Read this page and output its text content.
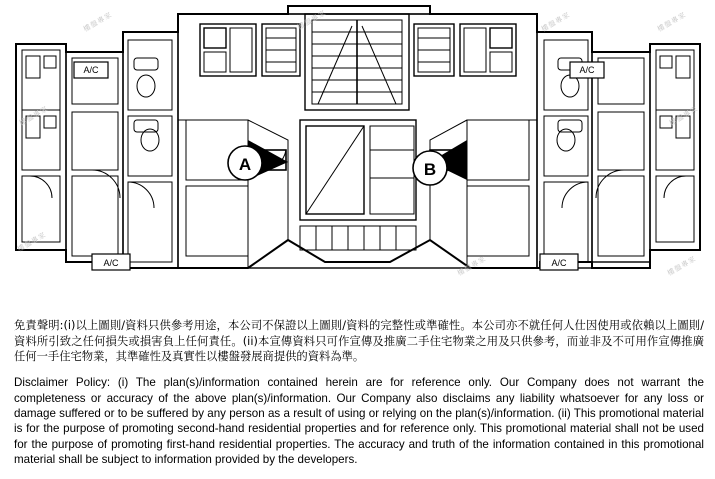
A/C	A/C
A/C	A/C
A	B
樓盤專家	樓盤專家	樓盤專家	樓盤專家
樓盤專家	樓盤專家
樓盤專家
樓盤專家	樓盤專家

免責聲明:(i)以上圖則/資料只供參考用途，本公司不保證以上圖則/資料的完整性或準確性。本公司亦不就任何人仕因使用或依賴以上圖則/資料所引致之任何損失或損害負上任何責任。(ii)本宣傳資料只可作宣傳及推廣二手住宅物業之用及只供參考，而並非及不可用作宣傳推廣任何一手住宅物業，其準確性及真實性以樓盤發展商提供的資料為準。

Disclaimer Policy: (i) The plan(s)/information contained herein are for reference only. Our Company does not warrant the completeness or accuracy of the above plan(s)/information. Our Company also disclaims any liability whatsoever for any loss or damage suffered or to be suffered by any person as a result of using or relying on the plan(s)/information. (ii) This promotional material is for the purpose of promoting second-hand residential properties and for reference only. This promotional material shall not be used for the purpose of promoting first-hand residential properties. The accuracy and truth of the information contained in this promotional material shall be subject to information provided by the developers.
